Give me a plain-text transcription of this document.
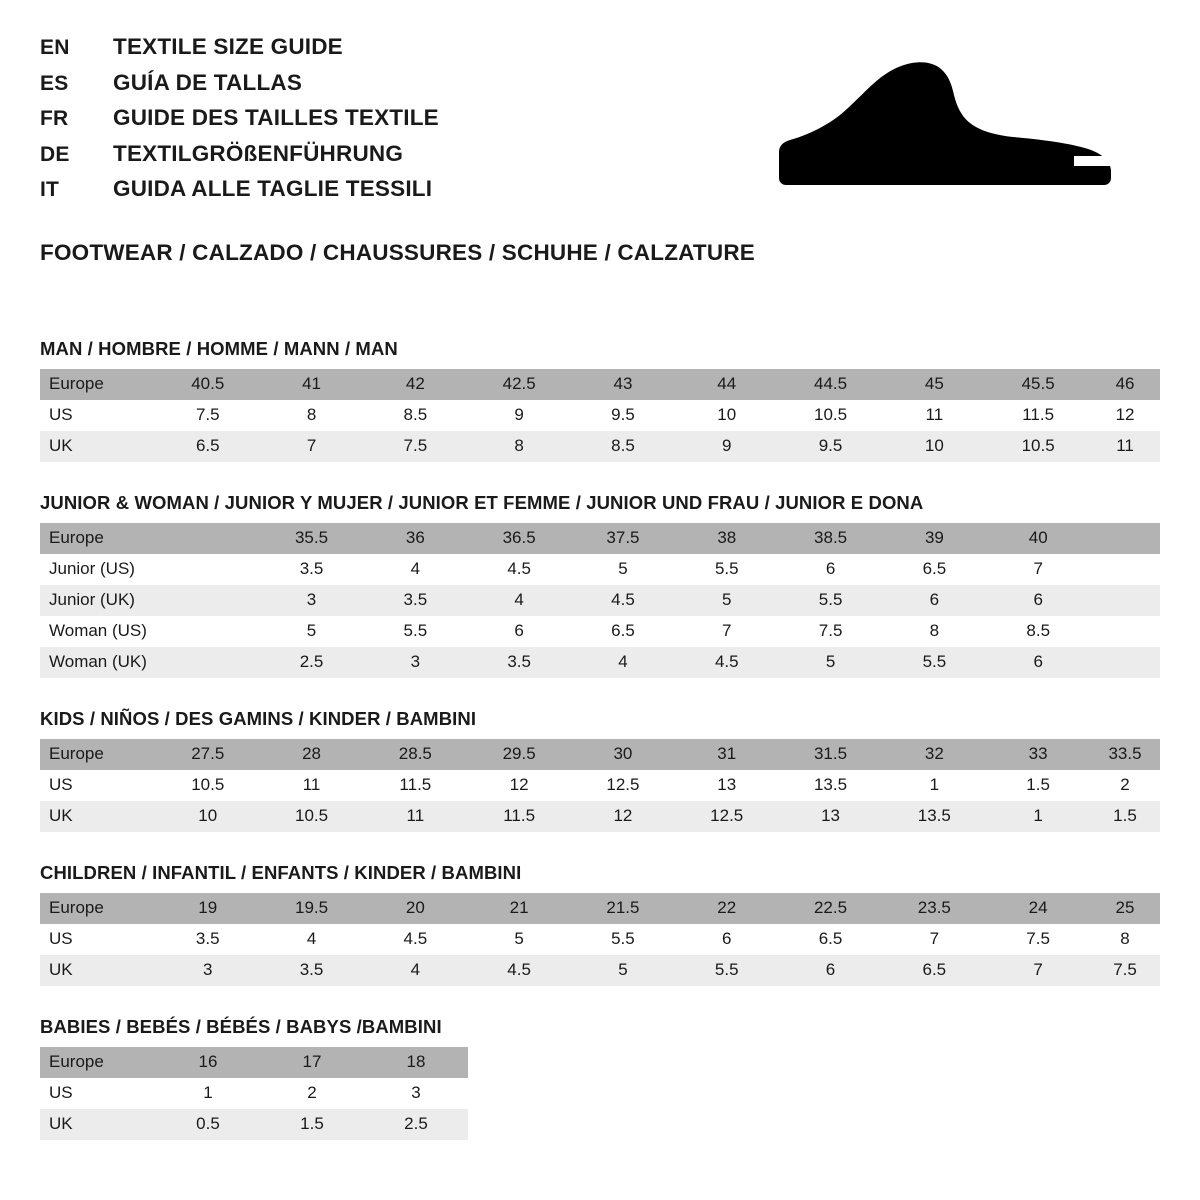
EN	TEXTILE SIZE GUIDE
ES	GUÍA DE TALLAS
FR	GUIDE DES TAILLES TEXTILE
DE	TEXTILGRÖßENFÜHRUNG
IT	GUIDA ALLE TAGLIE TESSILI
FOOTWEAR / CALZADO / CHAUSSURES / SCHUHE / CALZATURE
MAN / HOMBRE / HOMME / MANN / MAN
Europe	40.5	41	42	42.5	43	44	44.5	45	45.5	46
US	7.5	8	8.5	9	9.5	10	10.5	11	11.5	12
UK	6.5	7	7.5	8	8.5	9	9.5	10	10.5	11
JUNIOR & WOMAN / JUNIOR Y MUJER / JUNIOR ET FEMME / JUNIOR UND FRAU / JUNIOR E DONA
Europe		35.5	36	36.5	37.5	38	38.5	39	40	
Junior (US)		3.5	4	4.5	5	5.5	6	6.5	7	
Junior (UK)		3	3.5	4	4.5	5	5.5	6	6	
Woman (US)		5	5.5	6	6.5	7	7.5	8	8.5	
Woman (UK)		2.5	3	3.5	4	4.5	5	5.5	6	
KIDS / NIÑOS / DES GAMINS / KINDER / BAMBINI
Europe	27.5	28	28.5	29.5	30	31	31.5	32	33	33.5
US	10.5	11	11.5	12	12.5	13	13.5	1	1.5	2
UK	10	10.5	11	11.5	12	12.5	13	13.5	1	1.5
CHILDREN / INFANTIL / ENFANTS / KINDER / BAMBINI
Europe	19	19.5	20	21	21.5	22	22.5	23.5	24	25
US	3.5	4	4.5	5	5.5	6	6.5	7	7.5	8
UK	3	3.5	4	4.5	5	5.5	6	6.5	7	7.5
BABIES / BEBÉS / BÉBÉS / BABYS /BAMBINI
Europe	16	17	18
US	1	2	3
UK	0.5	1.5	2.5
